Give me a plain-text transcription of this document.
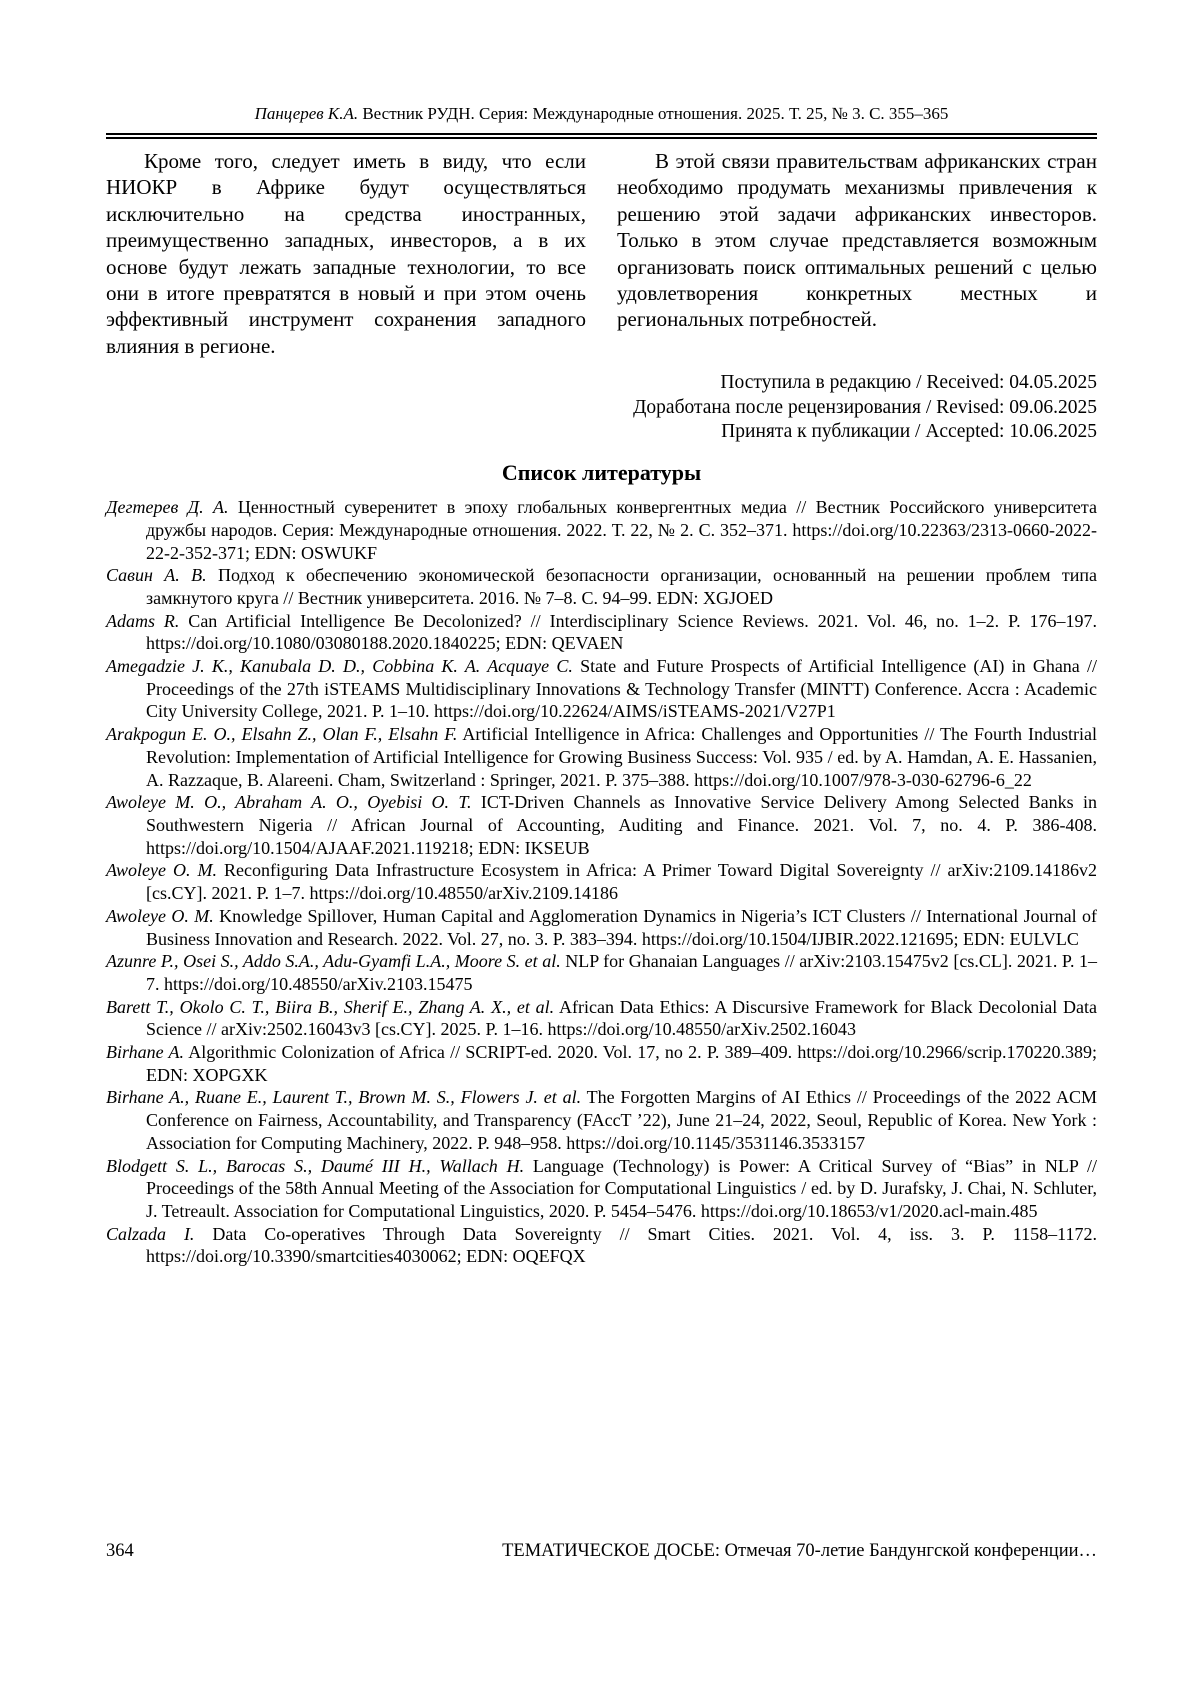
Панцерев К.А. Вестник РУДН. Серия: Международные отношения. 2025. Т. 25, № 3. С. 355–365

Кроме того, следует иметь в виду, что если НИОКР в Африке будут осуществляться исключительно на средства иностранных, преимущественно западных, инвесторов, а в их основе будут лежать западные технологии, то все они в итоге превратятся в новый и при этом очень эффективный инструмент сохранения западного влияния в регионе.

В этой связи правительствам африканских стран необходимо продумать механизмы привлечения к решению этой задачи африканских инвесторов. Только в этом случае представляется возможным организовать поиск оптимальных решений с целью удовлетворения конкретных местных и региональных потребностей.

Поступила в редакцию / Received: 04.05.2025
Доработана после рецензирования / Revised: 09.06.2025
Принята к публикации / Accepted: 10.06.2025
Список литературы

Дегтерев Д. А. Ценностный суверенитет в эпоху глобальных конвергентных медиа // Вестник Российского университета дружбы народов. Серия: Международные отношения. 2022. Т. 22, № 2. С. 352–371. https://doi.org/10.22363/2313-0660-2022-22-2-352-371; EDN: OSWUKF

Савин А. В. Подход к обеспечению экономической безопасности организации, основанный на решении проблем типа замкнутого круга // Вестник университета. 2016. № 7–8. С. 94–99. EDN: XGJOED

Adams R. Can Artificial Intelligence Be Decolonized? // Interdisciplinary Science Reviews. 2021. Vol. 46, no. 1–2. P. 176–197. https://doi.org/10.1080/03080188.2020.1840225; EDN: QEVAEN

Amegadzie J. K., Kanubala D. D., Cobbina K. A. Acquaye C. State and Future Prospects of Artificial Intelligence (AI) in Ghana // Proceedings of the 27th iSTEAMS Multidisciplinary Innovations & Technology Transfer (MINTT) Conference. Accra : Academic City University College, 2021. P. 1–10. https://doi.org/10.22624/AIMS/iSTEAMS-2021/V27P1

Arakpogun E. O., Elsahn Z., Olan F., Elsahn F. Artificial Intelligence in Africa: Challenges and Opportunities // The Fourth Industrial Revolution: Implementation of Artificial Intelligence for Growing Business Success: Vol. 935 / ed. by A. Hamdan, A. E. Hassanien, A. Razzaque, B. Alareeni. Cham, Switzerland : Springer, 2021. P. 375–388. https://doi.org/10.1007/978-3-030-62796-6_22

Awoleye M. O., Abraham A. O., Oyebisi O. T. ICT-Driven Channels as Innovative Service Delivery Among Selected Banks in Southwestern Nigeria // African Journal of Accounting, Auditing and Finance. 2021. Vol. 7, no. 4. P. 386-408. https://doi.org/10.1504/AJAAF.2021.119218; EDN: IKSEUB

Awoleye O. M. Reconfiguring Data Infrastructure Ecosystem in Africa: A Primer Toward Digital Sovereignty // arXiv:2109.14186v2 [cs.CY]. 2021. P. 1–7. https://doi.org/10.48550/arXiv.2109.14186

Awoleye O. M. Knowledge Spillover, Human Capital and Agglomeration Dynamics in Nigeria’s ICT Clusters // International Journal of Business Innovation and Research. 2022. Vol. 27, no. 3. P. 383–394. https://doi.org/10.1504/IJBIR.2022.121695; EDN: EULVLC

Azunre P., Osei S., Addo S.A., Adu-Gyamfi L.A., Moore S. et al. NLP for Ghanaian Languages // arXiv:2103.15475v2 [cs.CL]. 2021. P. 1–7. https://doi.org/10.48550/arXiv.2103.15475

Barett T., Okolo C. T., Biira B., Sherif E., Zhang A. X., et al. African Data Ethics: A Discursive Framework for Black Decolonial Data Science // arXiv:2502.16043v3 [cs.CY]. 2025. P. 1–16. https://doi.org/10.48550/arXiv.2502.16043

Birhane A. Algorithmic Colonization of Africa // SCRIPT-ed. 2020. Vol. 17, no 2. P. 389–409. https://doi.org/10.2966/scrip.170220.389; EDN: XOPGXK

Birhane A., Ruane E., Laurent T., Brown M. S., Flowers J. et al. The Forgotten Margins of AI Ethics // Proceedings of the 2022 ACM Conference on Fairness, Accountability, and Transparency (FAccT ’22), June 21–24, 2022, Seoul, Republic of Korea. New York : Association for Computing Machinery, 2022. P. 948–958. https://doi.org/10.1145/3531146.3533157

Blodgett S. L., Barocas S., Daumé III H., Wallach H. Language (Technology) is Power: A Critical Survey of “Bias” in NLP // Proceedings of the 58th Annual Meeting of the Association for Computational Linguistics / ed. by D. Jurafsky, J. Chai, N. Schluter, J. Tetreault. Association for Computational Linguistics, 2020. P. 5454–5476. https://doi.org/10.18653/v1/2020.acl-main.485

Calzada I. Data Co-operatives Through Data Sovereignty // Smart Cities. 2021. Vol. 4, iss. 3. P. 1158–1172. https://doi.org/10.3390/smartcities4030062; EDN: OQEFQX

364	ТЕМАТИЧЕСКОЕ ДОСЬЕ: Отмечая 70-летие Бандунгской конференции…
